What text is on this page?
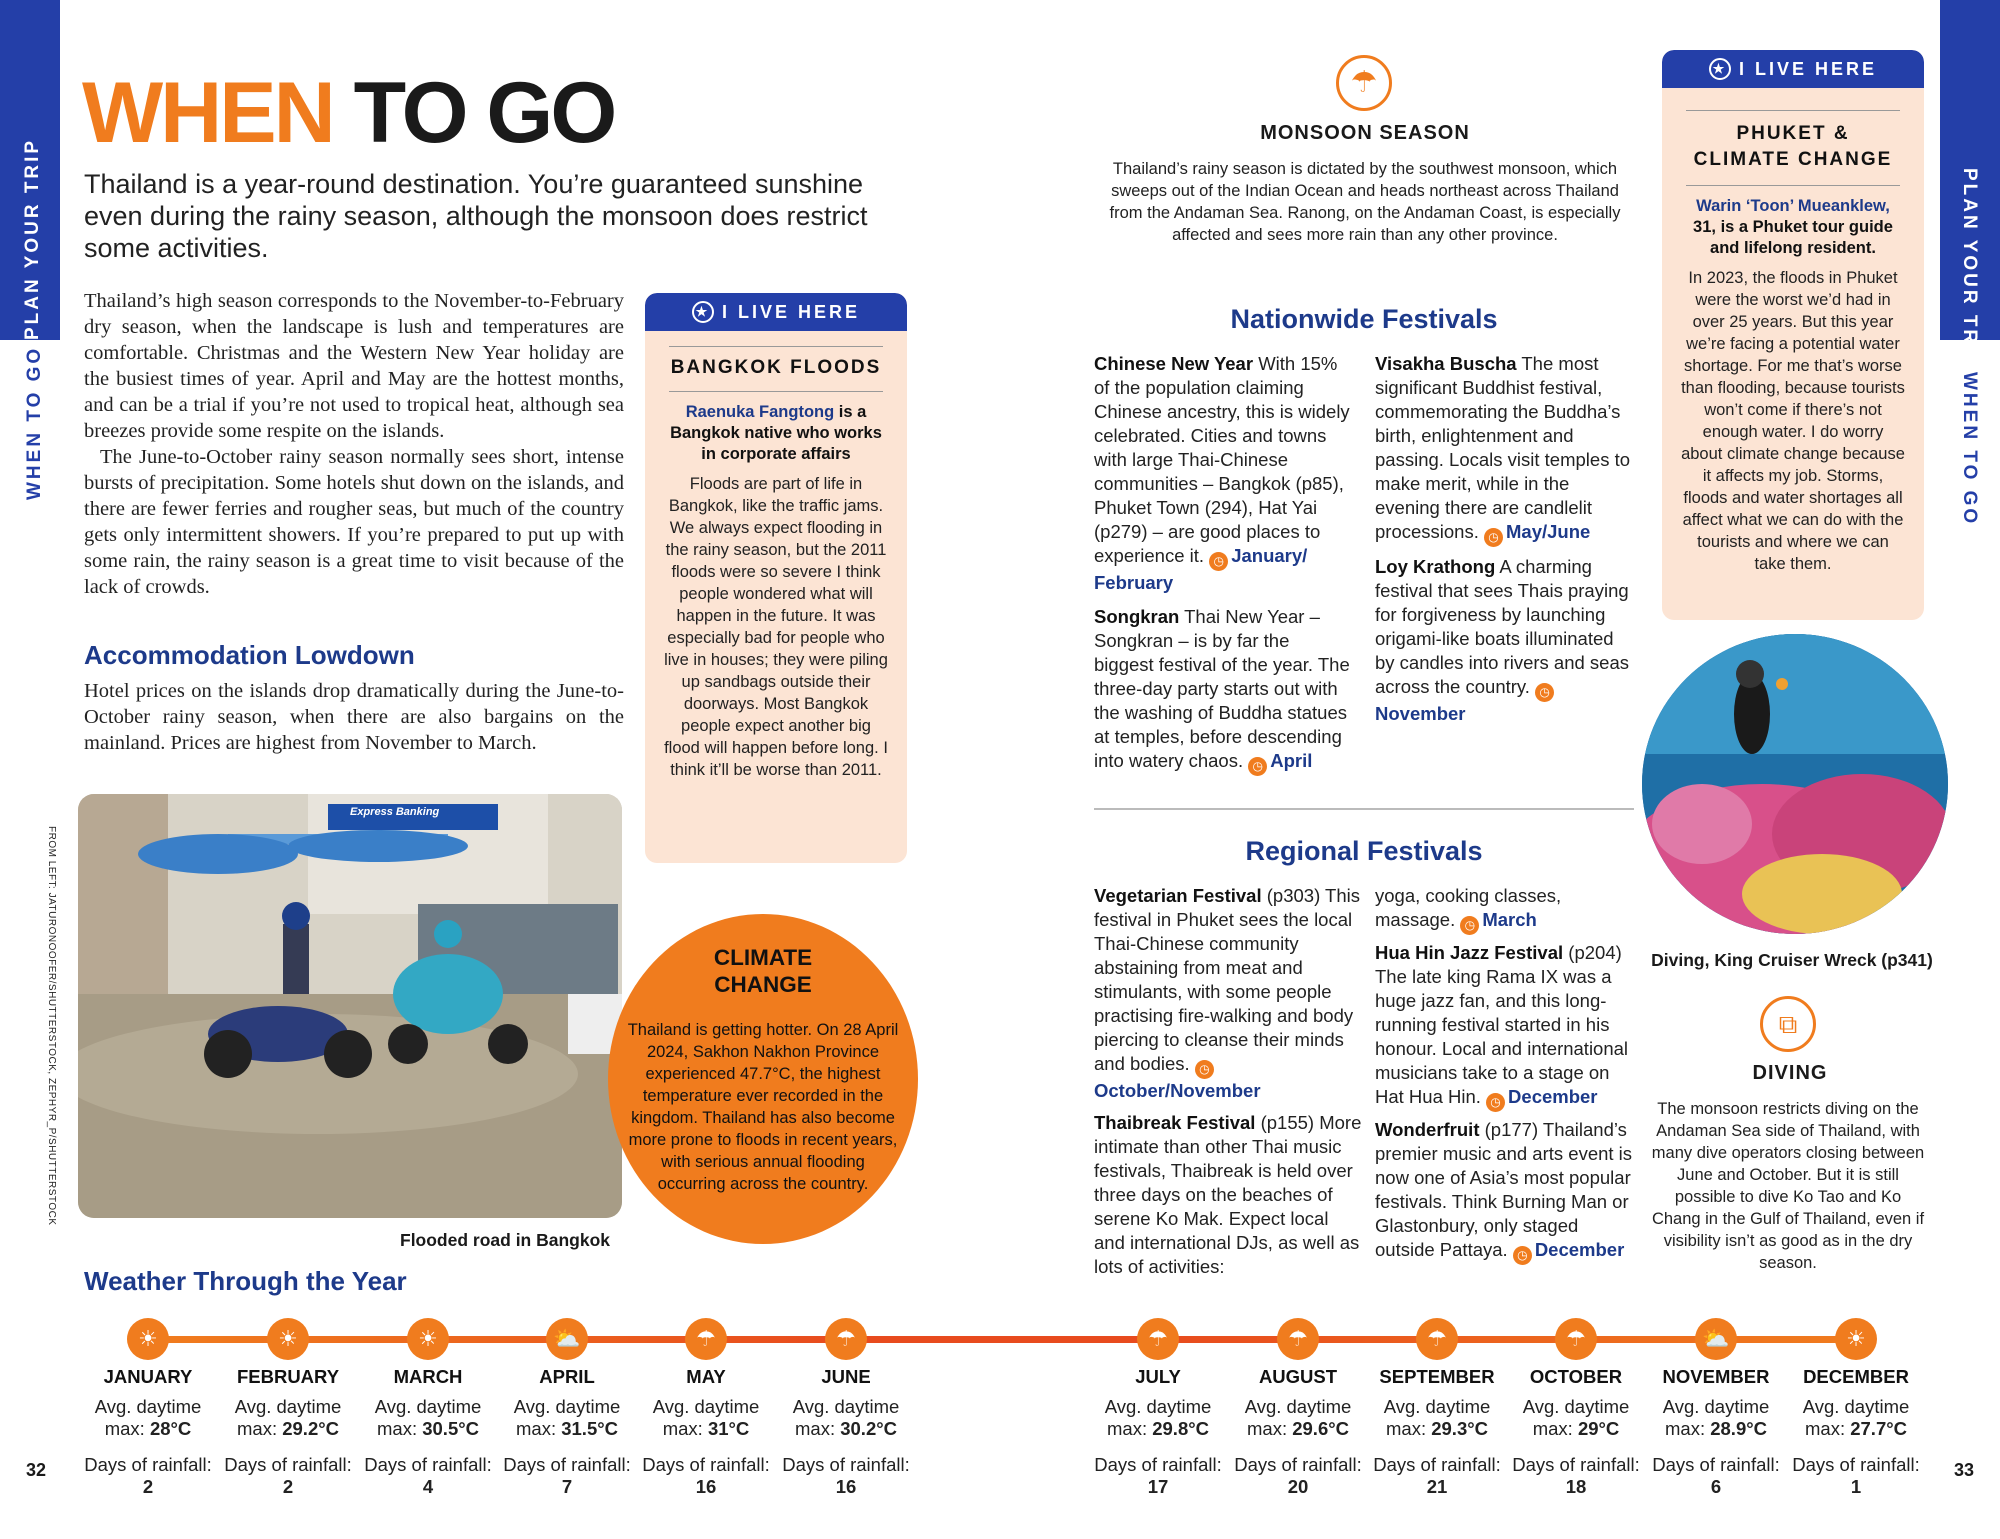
PLAN YOUR TRIP
WHEN TO GO
PLAN YOUR TRIP
WHEN TO GO
WHEN TO GO
Thailand is a year-round destination. You’re guaranteed sunshine even during the rainy season, although the monsoon does restrict some activities.

Thailand’s high season corresponds to the November-to-February dry season, when the landscape is lush and temperatures are comfortable. Christmas and the Western New Year holiday are the busiest times of year. April and May are the hottest months, and can be a trial if you’re not used to tropical heat, although sea breezes provide some respite on the islands.

The June-to-October rainy season normally sees short, intense bursts of precipitation. Some hotels shut down on the islands, and there are fewer ferries and rougher seas, but much of the country gets only intermittent showers. If you’re prepared to put up with some rain, the rainy season is a great time to visit because of the lack of crowds.

Accommodation Lowdown
Hotel prices on the islands drop dramatically during the June-to-October rainy season, when there are also bargains on the mainland. Prices are highest from November to March.
Express Banking
FROM LEFT: JATURONOOFER/SHUTTERSTOCK, ZEPHYR_P/SHUTTERSTOCK
Flooded road in Bangkok
★ I LIVE HERE
BANGKOK FLOODS
Raenuka Fangtong is a Bangkok native who works in corporate affairs
Floods are part of life in Bangkok, like the traffic jams. We always expect flooding in the rainy season, but the 2011 floods were so severe I think people wondered what will happen in the future. It was especially bad for people who live in houses; they were piling up sandbags outside their doorways. Most Bangkok people expect another big flood will happen before long. I think it’ll be worse than 2011.
CLIMATE CHANGE
Thailand is getting hotter. On 28 April 2024, Sakhon Nakhon Province experienced 47.7°C, the highest temperature ever recorded in the kingdom. Thailand has also become more prone to floods in recent years, with serious annual flooding occurring across the country.
☂
MONSOON SEASON
Thailand’s rainy season is dictated by the southwest monsoon, which sweeps out of the Indian Ocean and heads northeast across Thailand from the Andaman Sea. Ranong, on the Andaman Coast, is especially affected and sees more rain than any other province.
Nationwide Festivals

Chinese New Year With 15% of the population claiming Chinese ancestry, this is widely celebrated. Cities and towns with large Thai-Chinese communities – Bangkok (p85), Phuket Town (294), Hat Yai (p279) – are good places to experience it. ◷ January/ February

Songkran Thai New Year – Songkran – is by far the biggest festival of the year. The three-day party starts out with the washing of Buddha statues at temples, before descending into watery chaos. ◷ April

Visakha Buscha The most significant Buddhist festival, commemorating the Buddha’s birth, enlightenment and passing. Locals visit temples to make merit, while in the evening there are candlelit processions. ◷ May/June

Loy Krathong A charming festival that sees Thais praying for forgiveness by launching origami-like boats illuminated by candles into rivers and seas across the country. ◷November

Regional Festivals

Vegetarian Festival (p303) This festival in Phuket sees the local Thai-Chinese community abstaining from meat and stimulants, with some people practising fire-walking and body piercing to cleanse their minds and bodies. ◷October/November

Thaibreak Festival (p155) More intimate than other Thai music festivals, Thaibreak is held over three days on the beaches of serene Ko Mak. Expect local and international DJs, as well as lots of activities:

yoga, cooking classes, massage. ◷ March

Hua Hin Jazz Festival (p204) The late king Rama IX was a huge jazz fan, and this long-running festival started in his honour. Local and international musicians take to a stage on Hat Hua Hin. ◷ December

Wonderfruit (p177) Thailand’s premier music and arts event is now one of Asia’s most popular festivals. Think Burning Man or Glastonbury, only staged outside Pattaya. ◷ December

★ I LIVE HERE
PHUKET & CLIMATE CHANGE
Warin ‘Toon’ Mueanklew, 31, is a Phuket tour guide and lifelong resident.
In 2023, the floods in Phuket were the worst we’d had in over 25 years. But this year we’re facing a potential water shortage. For me that’s worse than flooding, because tourists won’t come if there’s not enough water. I do worry about climate change because it affects my job. Storms, floods and water shortages all affect what we can do with the tourists and where we can take them.
Diving, King Cruiser Wreck (p341)
⧉
DIVING
The monsoon restricts diving on the Andaman Sea side of Thailand, with many dive operators closing between June and October. But it is still possible to dive Ko Tao and Ko Chang in the Gulf of Thailand, even if visibility isn’t as good as in the dry season.
Weather Through the Year
☀
JANUARY
Avg. daytime max: 28°C
Days of rainfall: 2
☀
FEBRUARY
Avg. daytime max: 29.2°C
Days of rainfall: 2
☀
MARCH
Avg. daytime max: 30.5°C
Days of rainfall: 4
⛅
APRIL
Avg. daytime max: 31.5°C
Days of rainfall: 7
☂
MAY
Avg. daytime max: 31°C
Days of rainfall: 16
☂
JUNE
Avg. daytime max: 30.2°C
Days of rainfall: 16
☂
JULY
Avg. daytime max: 29.8°C
Days of rainfall: 17
☂
AUGUST
Avg. daytime max: 29.6°C
Days of rainfall: 20
☂
SEPTEMBER
Avg. daytime max: 29.3°C
Days of rainfall: 21
☂
OCTOBER
Avg. daytime max: 29°C
Days of rainfall: 18
⛅
NOVEMBER
Avg. daytime max: 28.9°C
Days of rainfall: 6
☀
DECEMBER
Avg. daytime max: 27.7°C
Days of rainfall: 1
32	33
